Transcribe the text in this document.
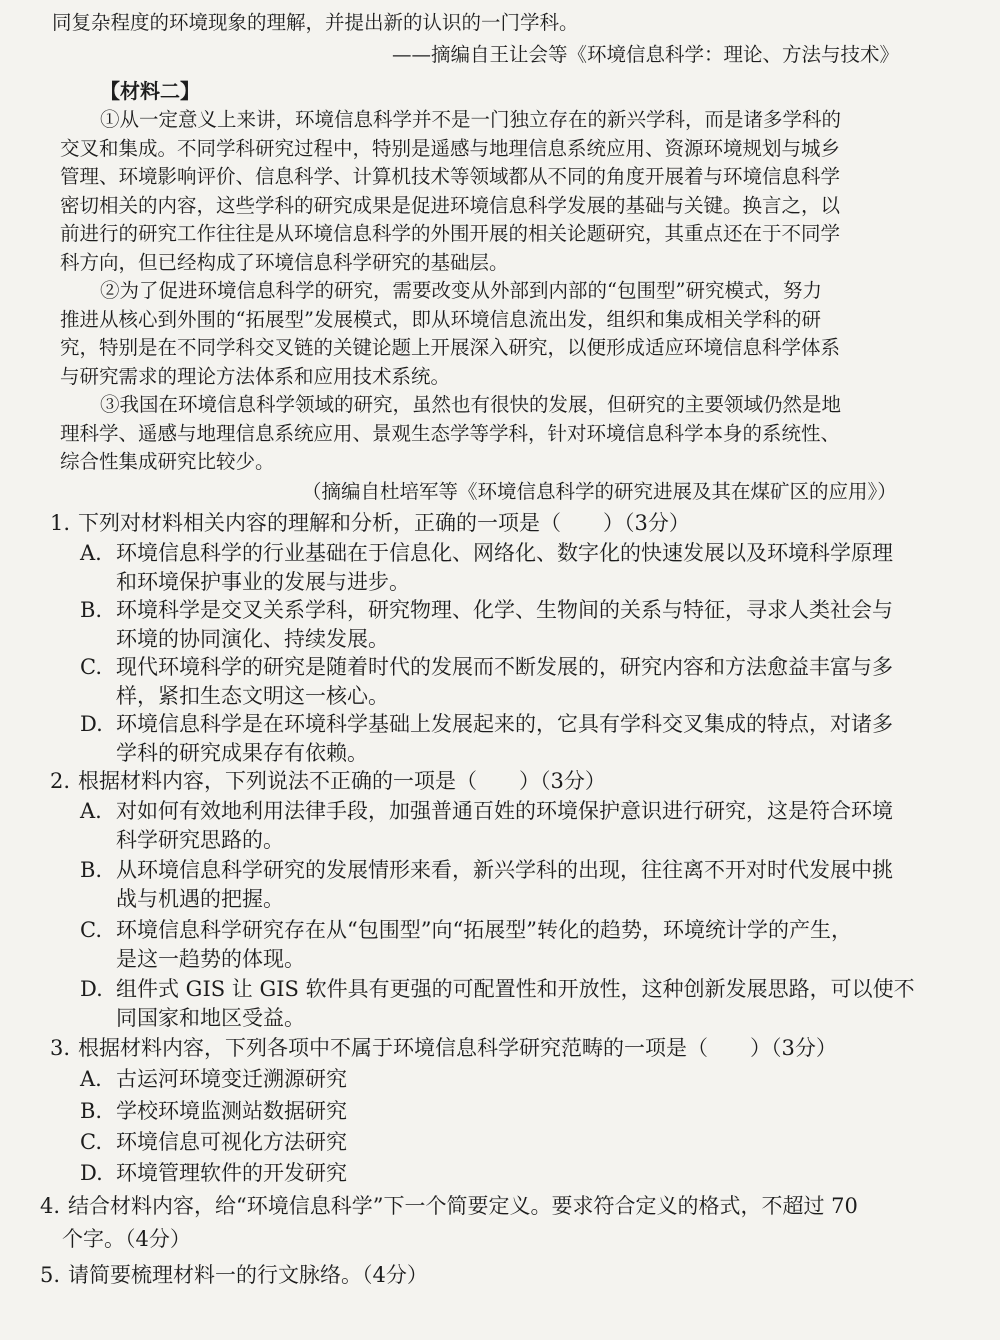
同复杂程度的环境现象的理解，并提出新的认识的一门学科。
——摘编自王让会等《环境信息科学：理论、方法与技术》
【材料二】
①从一定意义上来讲，环境信息科学并不是一门独立存在的新兴学科，而是诸多学科的
交叉和集成。不同学科研究过程中，特别是遥感与地理信息系统应用、资源环境规划与城乡
管理、环境影响评价、信息科学、计算机技术等领域都从不同的角度开展着与环境信息科学
密切相关的内容，这些学科的研究成果是促进环境信息科学发展的基础与关键。换言之，以
前进行的研究工作往往是从环境信息科学的外围开展的相关论题研究，其重点还在于不同学
科方向，但已经构成了环境信息科学研究的基础层。
②为了促进环境信息科学的研究，需要改变从外部到内部的“包围型”研究模式，努力
推进从核心到外围的“拓展型”发展模式，即从环境信息流出发，组织和集成相关学科的研
究，特别是在不同学科交叉链的关键论题上开展深入研究，以便形成适应环境信息科学体系
与研究需求的理论方法体系和应用技术系统。
③我国在环境信息科学领域的研究，虽然也有很快的发展，但研究的主要领域仍然是地
理科学、遥感与地理信息系统应用、景观生态学等学科，针对环境信息科学本身的系统性、
综合性集成研究比较少。
（摘编自杜培军等《环境信息科学的研究进展及其在煤矿区的应用》）
1. 下列对材料相关内容的理解和分析，正确的一项是（　　）（3分）
A. 环境信息科学的行业基础在于信息化、网络化、数字化的快速发展以及环境科学原理
和环境保护事业的发展与进步。
B. 环境科学是交叉关系学科，研究物理、化学、生物间的关系与特征，寻求人类社会与
环境的协同演化、持续发展。
C. 现代环境科学的研究是随着时代的发展而不断发展的，研究内容和方法愈益丰富与多
样，紧扣生态文明这一核心。
D. 环境信息科学是在环境科学基础上发展起来的，它具有学科交叉集成的特点，对诸多
学科的研究成果存有依赖。
2. 根据材料内容，下列说法不正确的一项是（　　）（3分）
A. 对如何有效地利用法律手段，加强普通百姓的环境保护意识进行研究，这是符合环境
科学研究思路的。
B. 从环境信息科学研究的发展情形来看，新兴学科的出现，往往离不开对时代发展中挑
战与机遇的把握。
C. 环境信息科学研究存在从“包围型”向“拓展型”转化的趋势，环境统计学的产生，
是这一趋势的体现。
D. 组件式 GIS 让 GIS 软件具有更强的可配置性和开放性，这种创新发展思路，可以使不
同国家和地区受益。
3. 根据材料内容，下列各项中不属于环境信息科学研究范畴的一项是（　　）（3分）
A. 古运河环境变迁溯源研究
B. 学校环境监测站数据研究
C. 环境信息可视化方法研究
D. 环境管理软件的开发研究
4. 结合材料内容，给“环境信息科学”下一个简要定义。要求符合定义的格式，不超过 70
个字。（4分）
5. 请简要梳理材料一的行文脉络。（4分）
